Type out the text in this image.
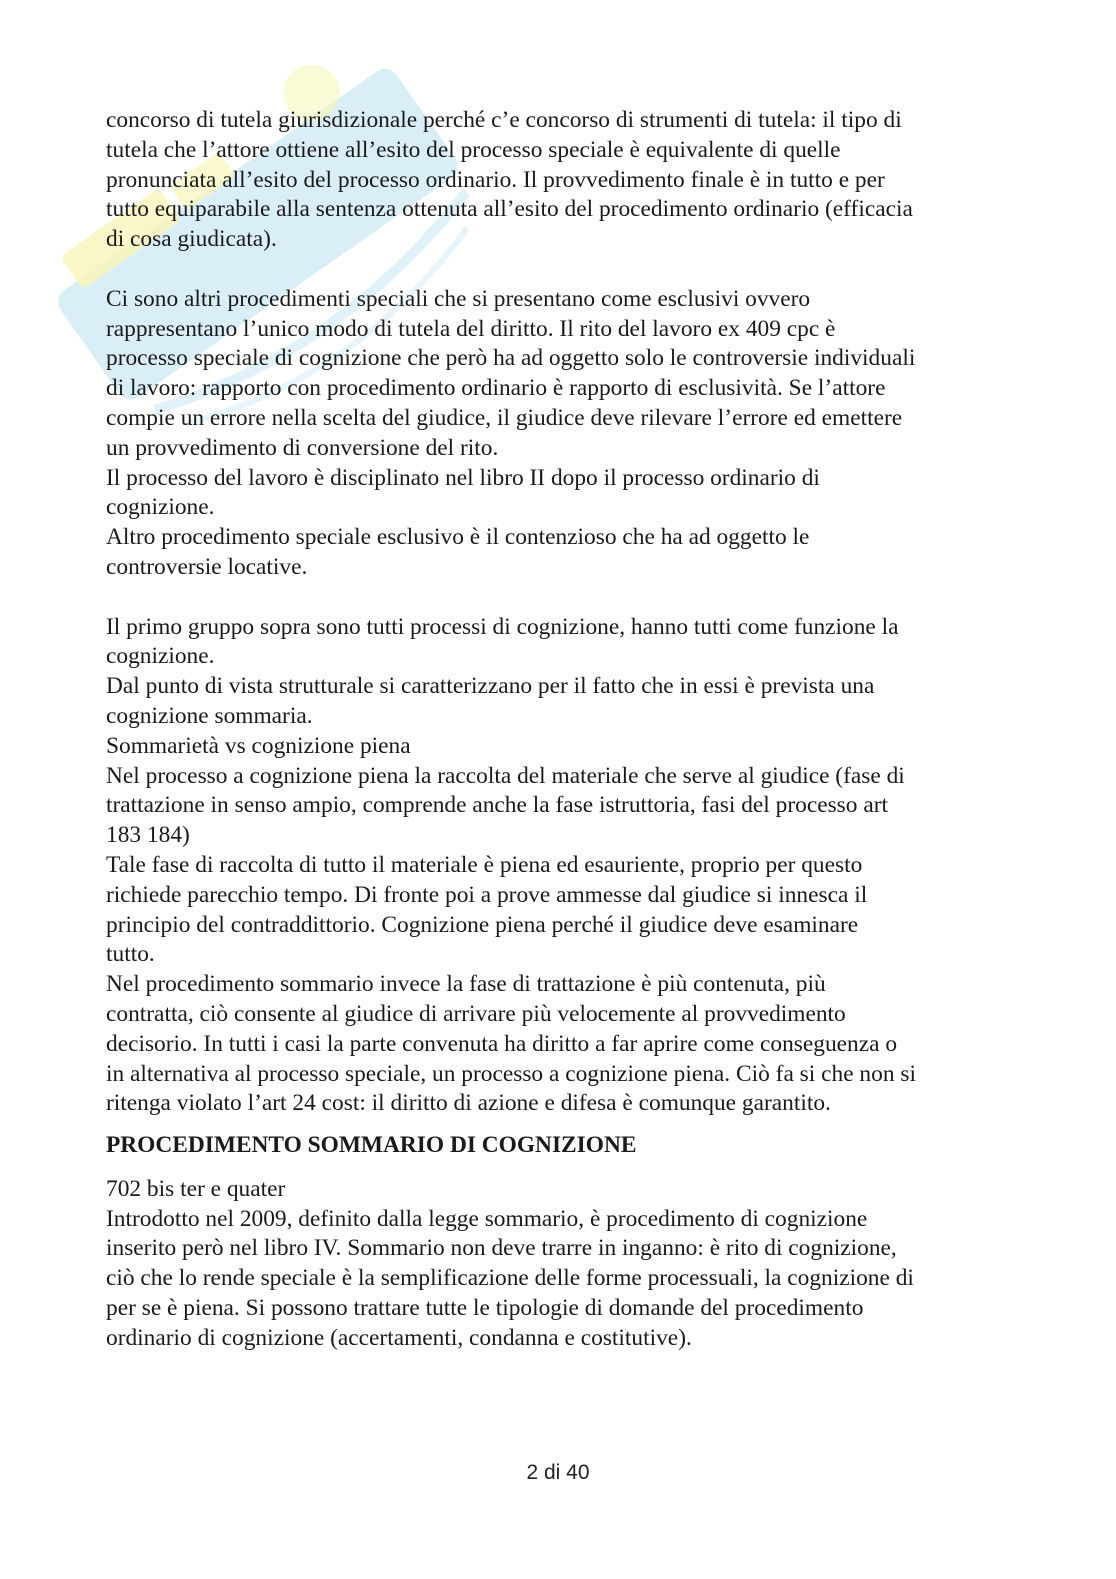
concorso di tutela giurisdizionale perché c’e concorso di strumenti di tutela: il tipo di
tutela che l’attore ottiene all’esito del processo speciale è equivalente di quelle
pronunciata all’esito del processo ordinario. Il provvedimento finale è in tutto e per
tutto equiparabile alla sentenza ottenuta all’esito del procedimento ordinario (efficacia
di cosa giudicata).
Ci sono altri procedimenti speciali che si presentano come esclusivi ovvero
rappresentano l’unico modo di tutela del diritto. Il rito del lavoro ex 409 cpc è
processo speciale di cognizione che però ha ad oggetto solo le controversie individuali
di lavoro: rapporto con procedimento ordinario è rapporto di esclusività. Se l’attore
compie un errore nella scelta del giudice, il giudice deve rilevare l’errore ed emettere
un provvedimento di conversione del rito.
Il processo del lavoro è disciplinato nel libro II dopo il processo ordinario di
cognizione.
Altro procedimento speciale esclusivo è il contenzioso che ha ad oggetto le
controversie locative.
Il primo gruppo sopra sono tutti processi di cognizione, hanno tutti come funzione la
cognizione.
Dal punto di vista strutturale si caratterizzano per il fatto che in essi è prevista una
cognizione sommaria.
Sommarietà vs cognizione piena
Nel processo a cognizione piena la raccolta del materiale che serve al giudice (fase di
trattazione in senso ampio, comprende anche la fase istruttoria, fasi del processo art
183 184)
Tale fase di raccolta di tutto il materiale è piena ed esauriente, proprio per questo
richiede parecchio tempo. Di fronte poi a prove ammesse dal giudice si innesca il
principio del contraddittorio. Cognizione piena perché il giudice deve esaminare
tutto.
Nel procedimento sommario invece la fase di trattazione è più contenuta, più
contratta, ciò consente al giudice di arrivare più velocemente al provvedimento
decisorio. In tutti i casi la parte convenuta ha diritto a far aprire come conseguenza o
in alternativa al processo speciale, un processo a cognizione piena. Ciò fa si che non si
ritenga violato l’art 24 cost: il diritto di azione e difesa è comunque garantito.
PROCEDIMENTO SOMMARIO DI COGNIZIONE
702 bis ter e quater
Introdotto nel 2009, definito dalla legge sommario, è procedimento di cognizione
inserito però nel libro IV. Sommario non deve trarre in inganno: è rito di cognizione,
ciò che lo rende speciale è la semplificazione delle forme processuali, la cognizione di
per se è piena. Si possono trattare tutte le tipologie di domande del procedimento
ordinario di cognizione (accertamenti, condanna e costitutive).
2 di 40
